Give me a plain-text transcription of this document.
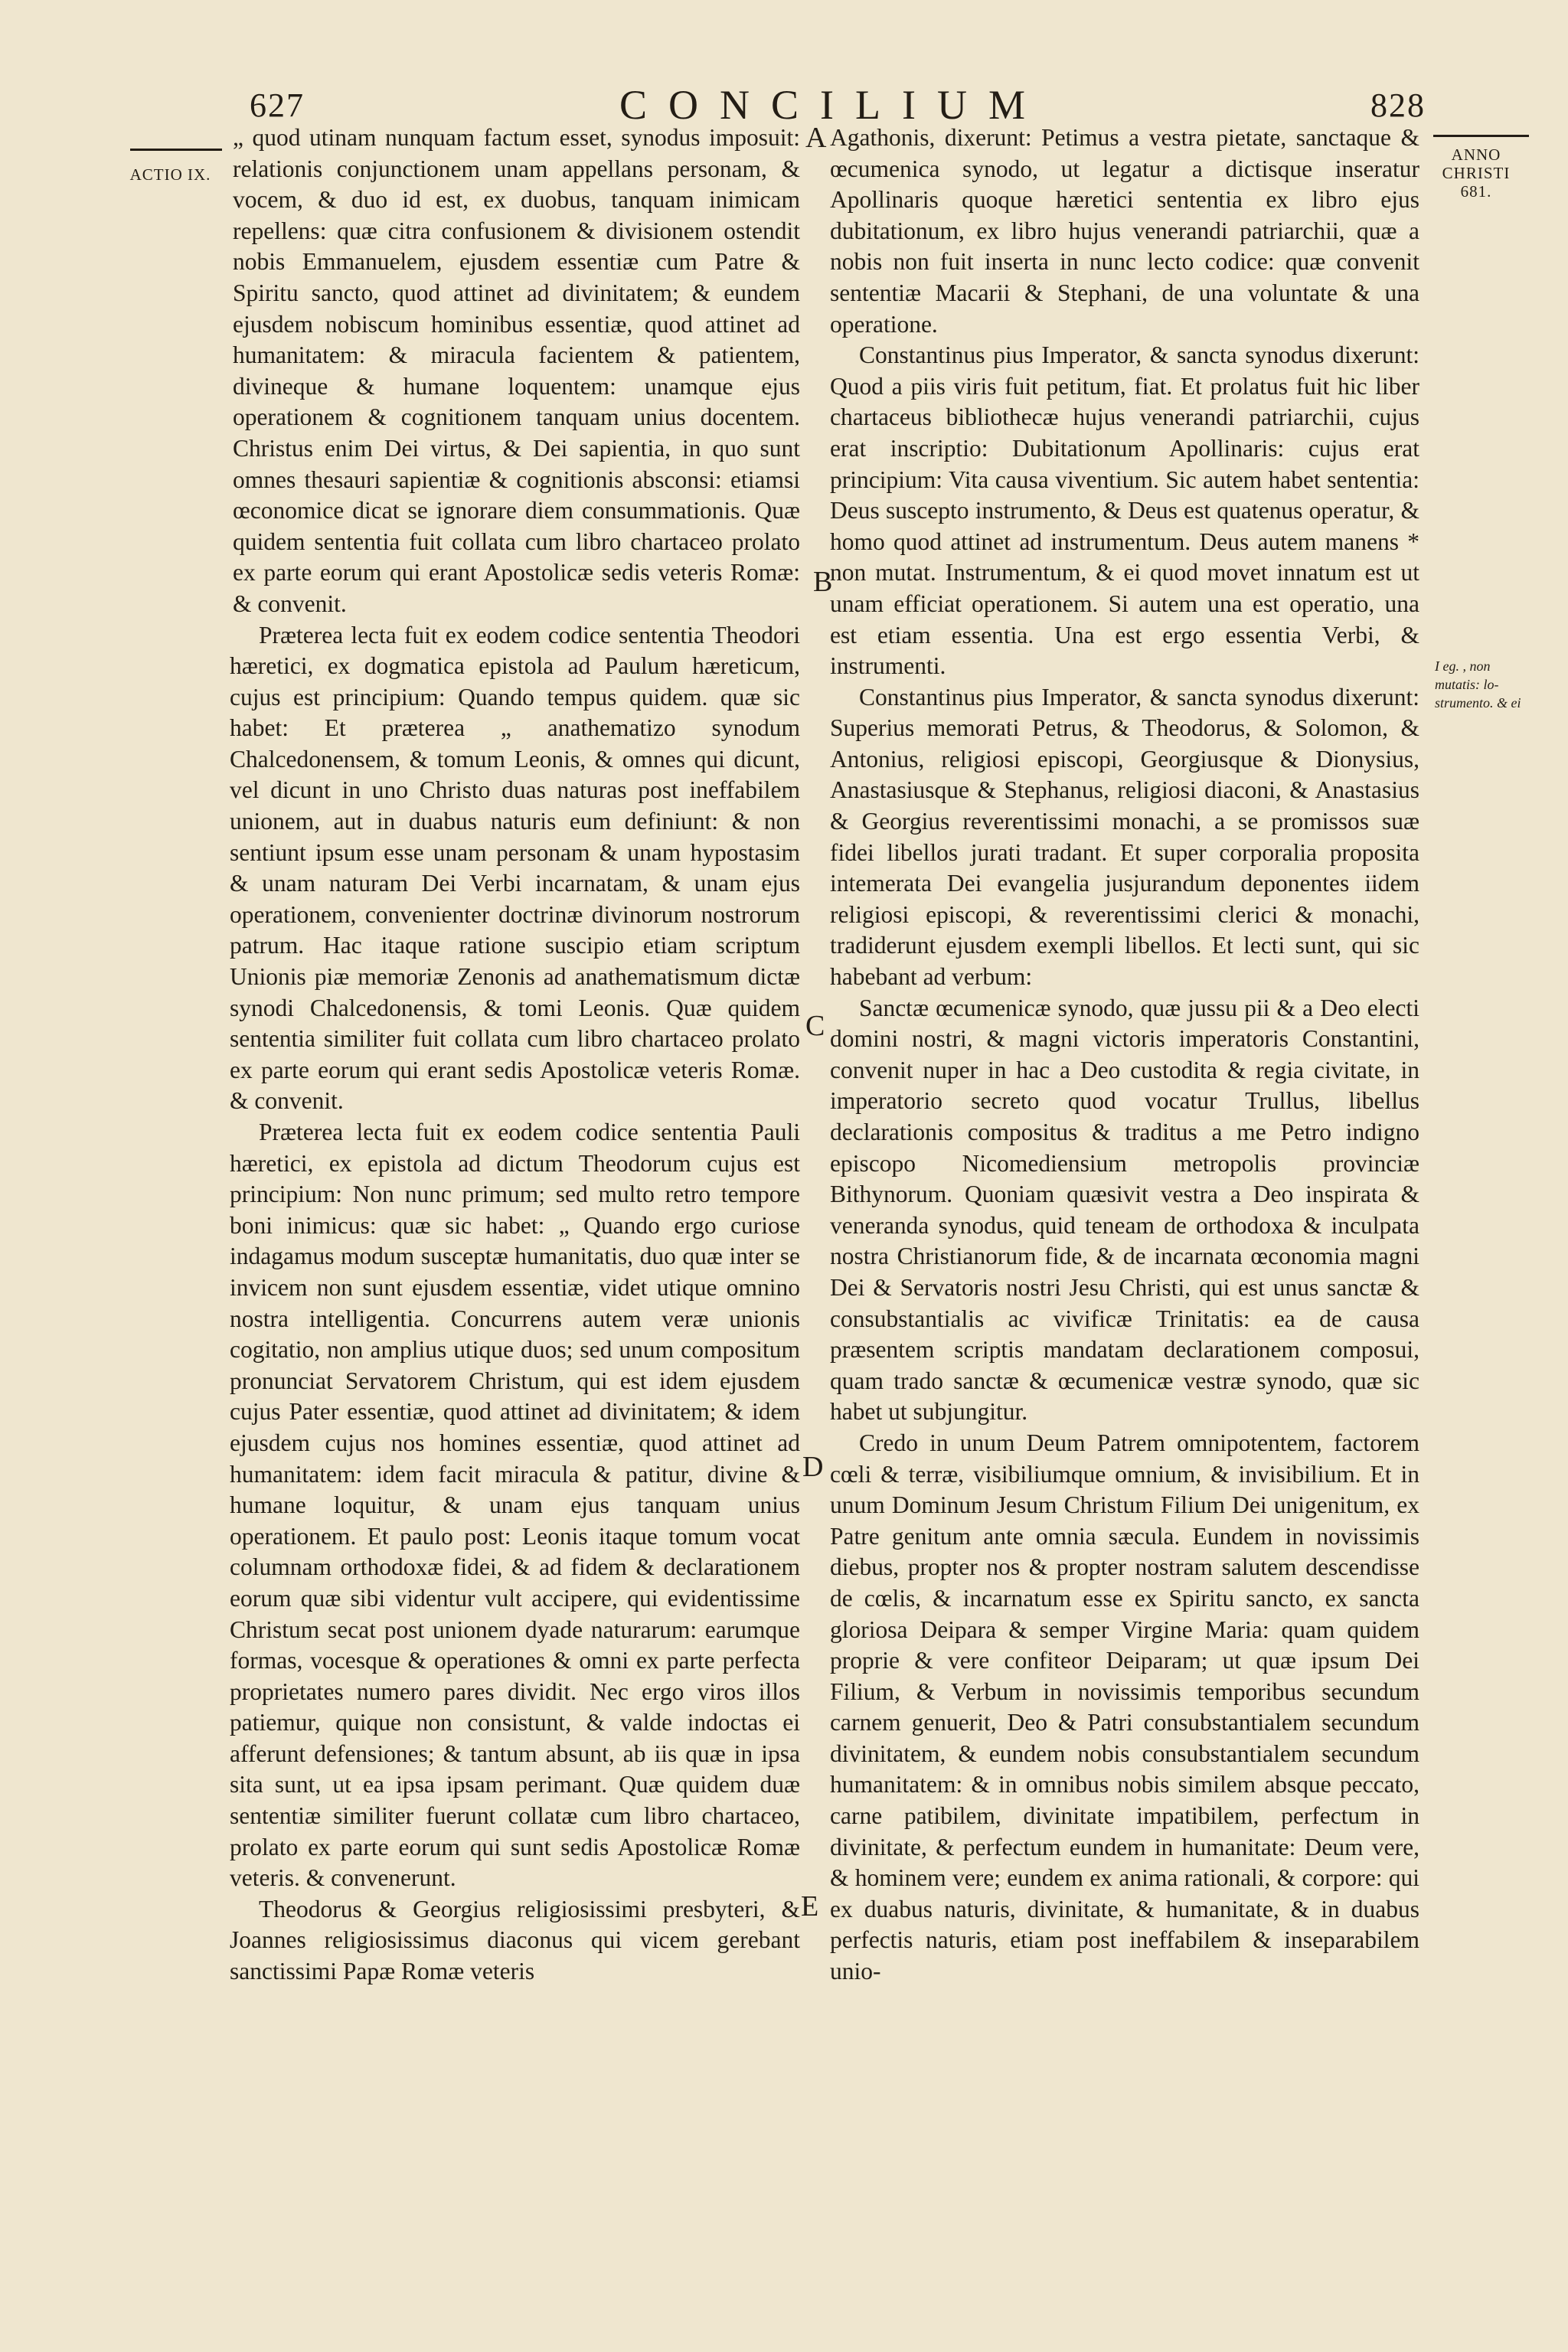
627	CONCILIUM	828
ACTIO IX.
ANNO CHRISTI 681.
I eg. , non mutatis: lo- strumento. & ei
A
B
C
D
E

„ quod utinam nunquam factum esset, synodus imposuit: relationis conjunctionem unam appellans personam, & vocem, & duo id est, ex duobus, tanquam inimicam repellens: quæ citra confusionem & divisionem ostendit nobis Emmanuelem, ejusdem essentiæ cum Patre & Spiritu sancto, quod attinet ad divinitatem; & eundem ejusdem nobiscum hominibus essentiæ, quod attinet ad humanitatem: & miracula facientem & patientem, divineque & humane loquentem: unamque ejus operationem & cognitionem tanquam unius docentem. Christus enim Dei virtus, & Dei sapientia, in quo sunt omnes thesauri sapientiæ & cognitionis absconsi: etiamsi œconomice dicat se ignorare diem consummationis. Quæ quidem sententia fuit collata cum libro chartaceo prolato ex parte eorum qui erant Apostolicæ sedis veteris Romæ: & convenit.

Præterea lecta fuit ex eodem codice sententia Theodori hæretici, ex dogmatica epistola ad Paulum hæreticum, cujus est principium: Quando tempus quidem. quæ sic habet: Et præterea „ anathematizo synodum Chalcedonensem, & tomum Leonis, & omnes qui dicunt, vel dicunt in uno Christo duas naturas post ineffabilem unionem, aut in duabus naturis eum definiunt: & non sentiunt ipsum esse unam personam & unam hypostasim & unam naturam Dei Verbi incarnatam, & unam ejus operationem, convenienter doctrinæ divinorum nostrorum patrum. Hac itaque ratione suscipio etiam scriptum Unionis piæ memoriæ Zenonis ad anathematismum dictæ synodi Chalcedonensis, & tomi Leonis. Quæ quidem sententia similiter fuit collata cum libro chartaceo prolato ex parte eorum qui erant sedis Apostolicæ veteris Romæ. & convenit.

Præterea lecta fuit ex eodem codice sententia Pauli hæretici, ex epistola ad dictum Theodorum cujus est principium: Non nunc primum; sed multo retro tempore boni inimicus: quæ sic habet: „ Quando ergo curiose indagamus modum susceptæ humanitatis, duo quæ inter se invicem non sunt ejusdem essentiæ, videt utique omnino nostra intelligentia. Concurrens autem veræ unionis cogitatio, non amplius utique duos; sed unum compositum pronunciat Servatorem Christum, qui est idem ejusdem cujus Pater essentiæ, quod attinet ad divinitatem; & idem ejusdem cujus nos homines essentiæ, quod attinet ad humanitatem: idem facit miracula & patitur, divine & humane loquitur, & unam ejus tanquam unius operationem. Et paulo post: Leonis itaque tomum vocat columnam orthodoxæ fidei, & ad fidem & declarationem eorum quæ sibi videntur vult accipere, qui evidentissime Christum secat post unionem dyade naturarum: earumque formas, vocesque & operationes & omni ex parte perfecta proprietates numero pares dividit. Nec ergo viros illos patiemur, quique non consistunt, & valde indoctas ei afferunt defensiones; & tantum absunt, ab iis quæ in ipsa sita sunt, ut ea ipsa ipsam perimant. Quæ quidem duæ sententiæ similiter fuerunt collatæ cum libro chartaceo, prolato ex parte eorum qui sunt sedis Apostolicæ Romæ veteris. & convenerunt.

Theodorus & Georgius religiosissimi presbyteri, & Joannes religiosissimus diaconus qui vicem gerebant sanctissimi Papæ Romæ veteris

Agathonis, dixerunt: Petimus a vestra pietate, sanctaque & œcumenica synodo, ut legatur a dictisque inseratur Apollinaris quoque hæretici sententia ex libro ejus dubitationum, ex libro hujus venerandi patriarchii, quæ a nobis non fuit inserta in nunc lecto codice: quæ convenit sententiæ Macarii & Stephani, de una voluntate & una operatione.

Constantinus pius Imperator, & sancta synodus dixerunt: Quod a piis viris fuit petitum, fiat. Et prolatus fuit hic liber chartaceus bibliothecæ hujus venerandi patriarchii, cujus erat inscriptio: Dubitationum Apollinaris: cujus erat principium: Vita causa viventium. Sic autem habet sententia: Deus suscepto instrumento, & Deus est quatenus operatur, & homo quod attinet ad instrumentum. Deus autem manens * non mutat. Instrumentum, & ei quod movet innatum est ut unam efficiat operationem. Si autem una est operatio, una est etiam essentia. Una est ergo essentia Verbi, & instrumenti.

Constantinus pius Imperator, & sancta synodus dixerunt: Superius memorati Petrus, & Theodorus, & Solomon, & Antonius, religiosi episcopi, Georgiusque & Dionysius, Anastasiusque & Stephanus, religiosi diaconi, & Anastasius & Georgius reverentissimi monachi, a se promissos suæ fidei libellos jurati tradant. Et super corporalia proposita intemerata Dei evangelia jusjurandum deponentes iidem religiosi episcopi, & reverentissimi clerici & monachi, tradiderunt ejusdem exempli libellos. Et lecti sunt, qui sic habebant ad verbum:

Sanctæ œcumenicæ synodo, quæ jussu pii & a Deo electi domini nostri, & magni victoris imperatoris Constantini, convenit nuper in hac a Deo custodita & regia civitate, in imperatorio secreto quod vocatur Trullus, libellus declarationis compositus & traditus a me Petro indigno episcopo Nicomediensium metropolis provinciæ Bithynorum. Quoniam quæsivit vestra a Deo inspirata & veneranda synodus, quid teneam de orthodoxa & inculpata nostra Christianorum fide, & de incarnata œconomia magni Dei & Servatoris nostri Jesu Christi, qui est unus sanctæ & consubstantialis ac vivificæ Trinitatis: ea de causa præsentem scriptis mandatam declarationem composui, quam trado sanctæ & œcumenicæ vestræ synodo, quæ sic habet ut subjungitur.

Credo in unum Deum Patrem omnipotentem, factorem cœli & terræ, visibiliumque omnium, & invisibilium. Et in unum Dominum Jesum Christum Filium Dei unigenitum, ex Patre genitum ante omnia sæcula. Eundem in novissimis diebus, propter nos & propter nostram salutem descendisse de cœlis, & incarnatum esse ex Spiritu sancto, ex sancta gloriosa Deipara & semper Virgine Maria: quam quidem proprie & vere confiteor Deiparam; ut quæ ipsum Dei Filium, & Verbum in novissimis temporibus secundum carnem genuerit, Deo & Patri consubstantialem secundum divinitatem, & eundem nobis consubstantialem secundum humanitatem: & in omnibus nobis similem absque peccato, carne patibilem, divinitate impatibilem, perfectum in divinitate, & perfectum eundem in humanitate: Deum vere, & hominem vere; eundem ex anima rationali, & corpore: qui ex duabus naturis, divinitate, & humanitate, & in duabus perfectis naturis, etiam post ineffabilem & inseparabilem unio-
